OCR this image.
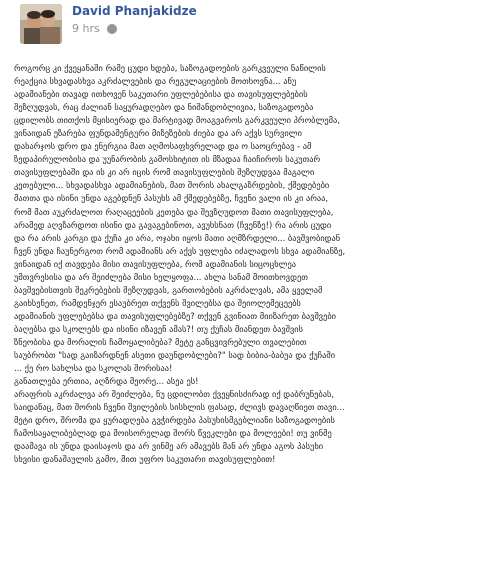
David Phanjakidze
9 hrs
როგორც კი ქვეყანაში რამე ცუდი ხდება, საზოგადოების გარკვეული ნაწილის
რეაქცია სხვადასხვა აკრძალვების და რეგულაციების მოთხოვნა... ანუ
ადამიანები თავად ითხოვენ საკუთარი უფლებებისა და თავისუფლებების
შეზღუდვას, რაც ძალიან საყურადღებო და ნიშანდობლივია, საზოგადოება
ცდილობს თითქოს მყისიერად და მარტივად მოაგვაროს გარკვეული პრობლემა,
ვინაიდან ეზარება ფუნდამენტური მიზეზების ძიება და არ აქვს სურვილი
დახარჯოს დრო და ენერგია მათ აღმოსაფხვრელად და ო საოცრებავ - ამ
ზედაპირულობისა და უუნარობის გამოსხიტით ის მზადაა ჩაიჩიროს საკუთარ
თავისუფლებაში და ის კი არ იცის რომ თავისუფლების შეზღუდვაა მაგალი
კეთებული... სხვადასხვა ადამიანების, მათ შორის ახალგაზრდების, ქმედებები
მათთა და ისინი უნდა აგებდნენ პასუხს ამ ქმედებებზე, ჩვენი ვალი ის კი არაა,
რომ მათ აუკრძალოთ რაღაცეების კეთება და შევზღუდოთ მათი თავისუფლება,
არამედ აღვზარდოთ ისინი და გავაგებინოთ, ავუხსნათ (ჩვენზე!) რა არის ცუდი
და რა არის კარგი და ქუჩა კი არა, ოჯახი იყოს მათი აღმზრდელი... ბავშვობიდან
ჩვენ უნდა ჩაუნერგოთ რომ ადამიანს არ აქვს უფლება იძალადოს სხვა ადამიანზე,
ვინაიდან იქ თავდება მისი თავისუფლება, რომ ადამიანის სიცოცხლეა
უმთვრესისა და არ შეიძლება მისი ხელყოფა... ახლა სანამ მოითხოვდეთ
ბავშვებისთვის შეკრებების შეზღუდვას, გართობების აკრძალვას, ამა ყველამ
გაიხსენეთ, რამდენჯერ ესაუბრეთ თქვენს შვილებსა და შეიოლემეცეებს
ადამიანის უფლებებსა და თავისუფლებებზე? თქვენ გვინიათ მიიზარეთ ბავშვები
ბაღებსა და სკოლებს და ისინი იზავენ ამას?! თუ ქუჩას მიანდეთ ბავშვის
ზნეობისა და მორალის ჩამოყალიბება? მეტე განცვივრებული თვალებით
საუბრობთ "სად გაიზარდნენ ასეთი დაუნდობლები?" სად ბიბია-ბაბუა და ქუჩაში
... ქე რო სახლსა და სკოლას შორისაა!
განათლება ერთია, აღზრდა მეორე... ასეა ეს!
არაფრის აკრძალვა არ შეიძლება, ნუ ცდილობთ ქვეყნისძირად იქ დაბრუნებას,
საიდანაც, მათ შორის ჩვენი შვილების სისხლის ფასად, ძლივს დავაღწიეთ თავი...
მეტი დრო, შრომა და ყურადღება გვჭირდება პასუხისმგებლიანი საზოგადოების
ჩამოსაყალიბებლად და მოისორელად შორს წვეკლები და მოლეები! თუ ვინმე
დაამავა ის უნდა დაისაჯოს და არ ვინმე არ ამავებს მან არ უნდა აგოს პასუხი
სხვისი დანაშაულის გამო, მით უფრო საკუთარი თავისუფლებით!
